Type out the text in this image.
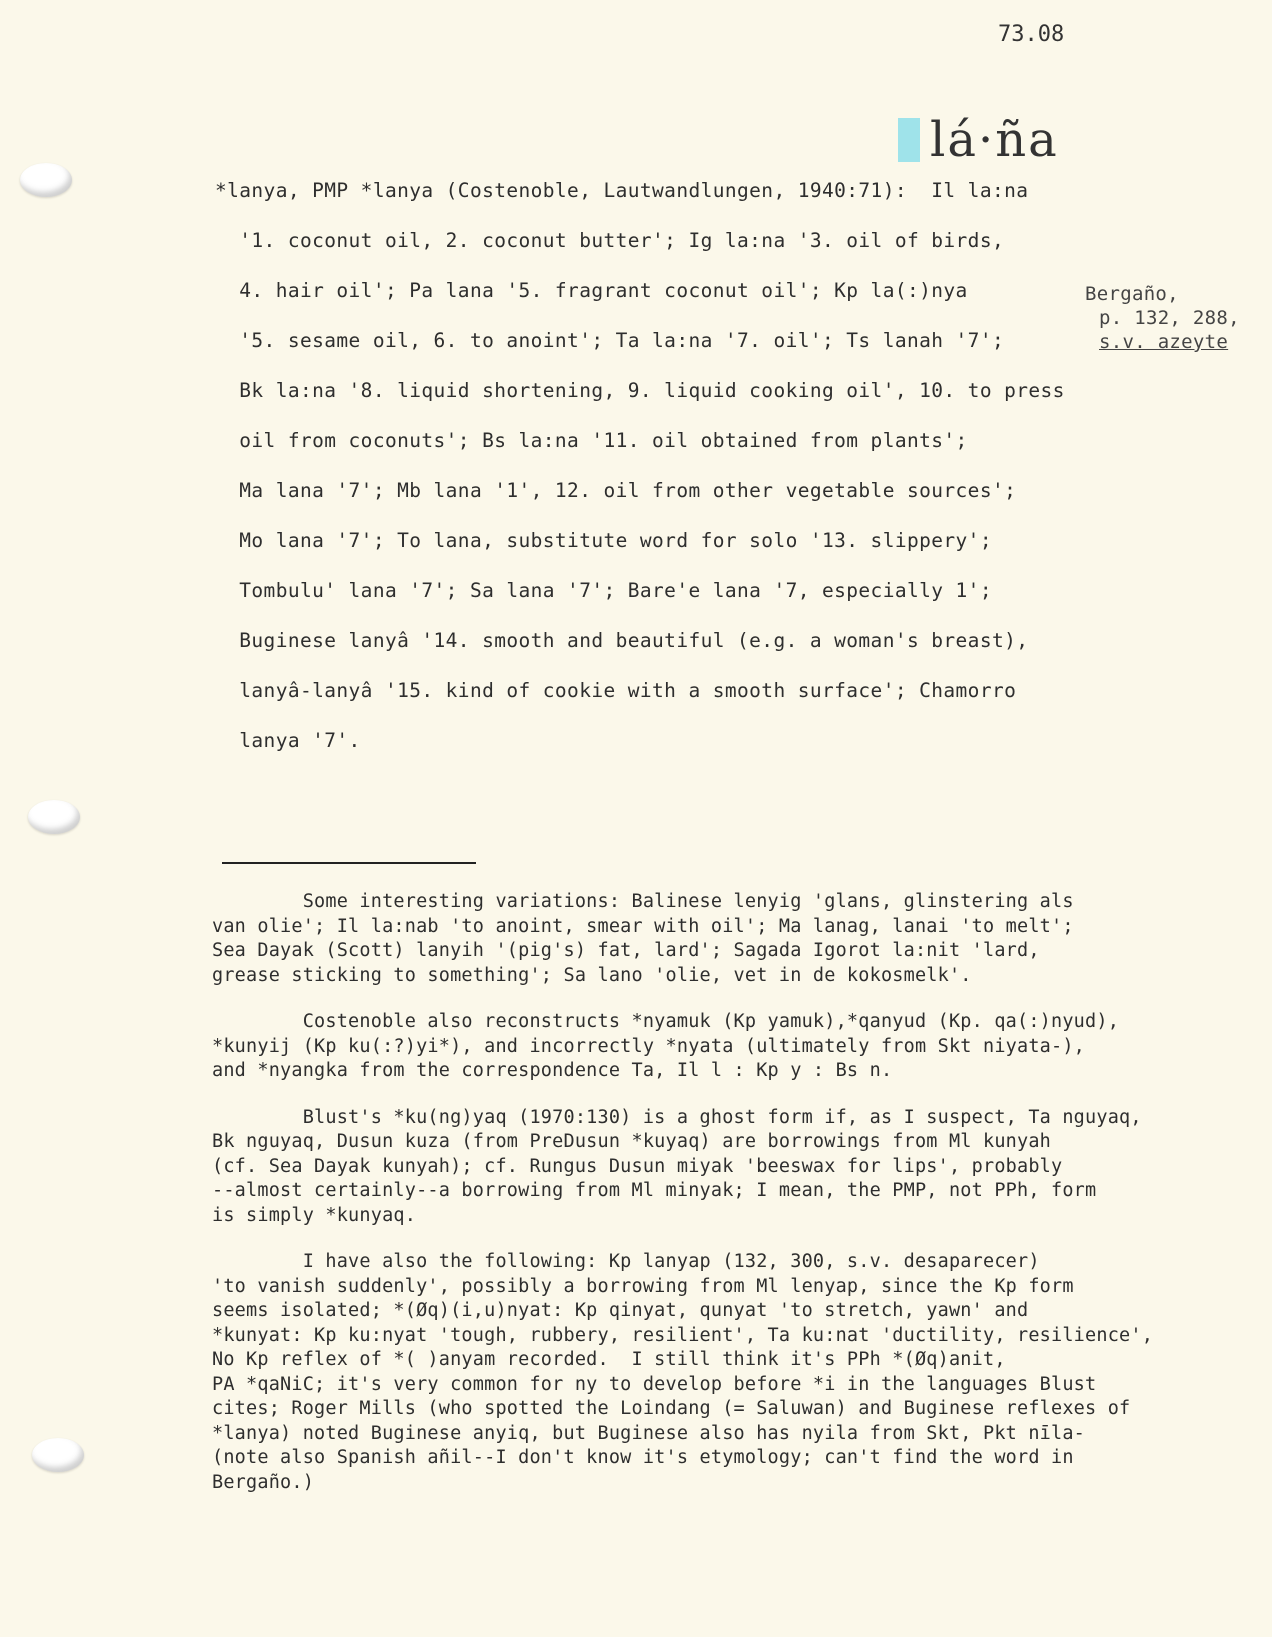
73.08
lá·ña
*lanya, PMP *lanya (Costenoble, Lautwandlungen, 1940:71):  Il la:na
'1. coconut oil, 2. coconut butter'; Ig la:na '3. oil of birds,
4. hair oil'; Pa lana '5. fragrant coconut oil'; Kp la(:)nya
'5. sesame oil, 6. to anoint'; Ta la:na '7. oil'; Ts lanah '7';
Bk la:na '8. liquid shortening, 9. liquid cooking oil', 10. to press
oil from coconuts'; Bs la:na '11. oil obtained from plants';
Ma lana '7'; Mb lana '1', 12. oil from other vegetable sources';
Mo lana '7'; To lana, substitute word for solo '13. slippery';
Tombulu' lana '7'; Sa lana '7'; Bare'e lana '7, especially 1';
Buginese lanyâ '14. smooth and beautiful (e.g. a woman's breast),
lanyâ-lanyâ '15. kind of cookie with a smooth surface'; Chamorro
lanya '7'.
Bergaño,
p. 132, 288,
s.v. azeyte
Some interesting variations: Balinese lenyig 'glans, glinstering als
van olie'; Il la:nab 'to anoint, smear with oil'; Ma lanag, lanai 'to melt';
Sea Dayak (Scott) lanyih '(pig's) fat, lard'; Sagada Igorot la:nit 'lard,
grease sticking to something'; Sa lano 'olie, vet in de kokosmelk'.
Costenoble also reconstructs *nyamuk (Kp yamuk),*qanyud (Kp. qa(:)nyud),
*kunyij (Kp ku(:?)yi*), and incorrectly *nyata (ultimately from Skt niyata-),
and *nyangka from the correspondence Ta, Il l : Kp y : Bs n.
Blust's *ku(ng)yaq (1970:130) is a ghost form if, as I suspect, Ta nguyaq,
Bk nguyaq, Dusun kuza (from PreDusun *kuyaq) are borrowings from Ml kunyah
(cf. Sea Dayak kunyah); cf. Rungus Dusun miyak 'beeswax for lips', probably
--almost certainly--a borrowing from Ml minyak; I mean, the PMP, not PPh, form
is simply *kunyaq.
I have also the following: Kp lanyap (132, 300, s.v. desaparecer)
'to vanish suddenly', possibly a borrowing from Ml lenyap, since the Kp form
seems isolated; *(Øq)(i,u)nyat: Kp qinyat, qunyat 'to stretch, yawn' and
*kunyat: Kp ku:nyat 'tough, rubbery, resilient', Ta ku:nat 'ductility, resilience',
No Kp reflex of *( )anyam recorded.  I still think it's PPh *(Øq)anit,
PA *qaNiC; it's very common for ny to develop before *i in the languages Blust
cites; Roger Mills (who spotted the Loindang (= Saluwan) and Buginese reflexes of
*lanya) noted Buginese anyiq, but Buginese also has nyila from Skt, Pkt nīla-
(note also Spanish añil--I don't know it's etymology; can't find the word in
Bergaño.)
